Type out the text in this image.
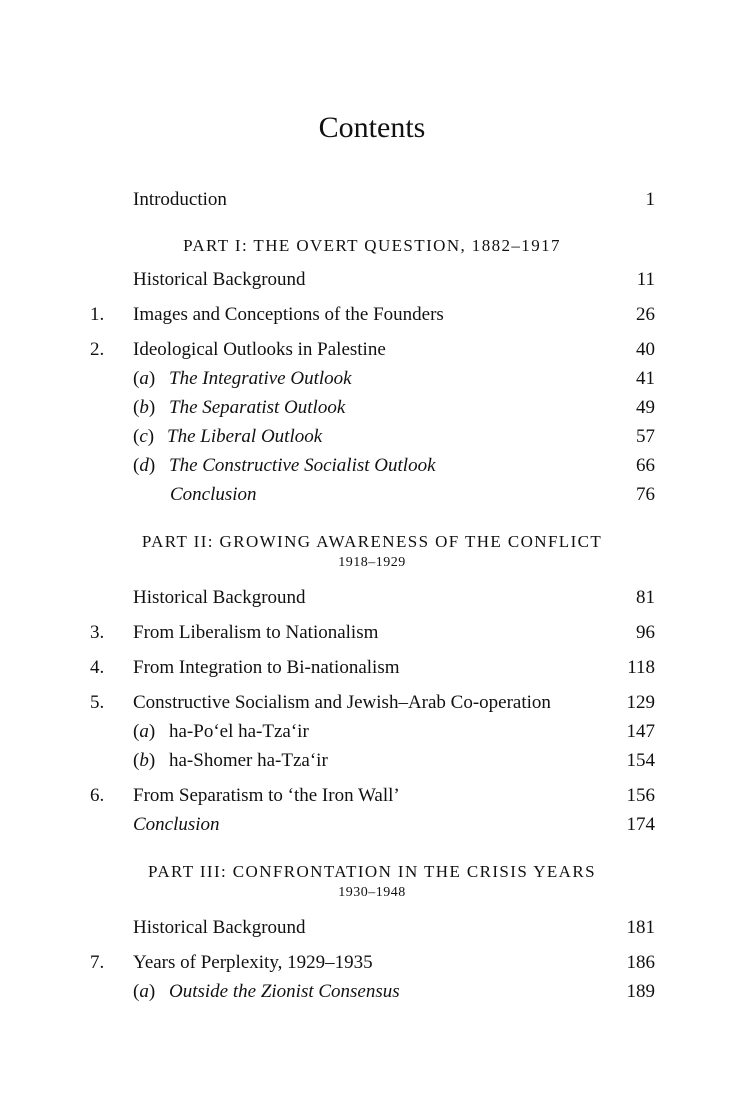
Contents
Introduction	1
PART I: THE OVERT QUESTION, 1882–1917
Historical Background	11
1. Images and Conceptions of the Founders	26
2. Ideological Outlooks in Palestine	40
(a) The Integrative Outlook	41
(b) The Separatist Outlook	49
(c) The Liberal Outlook	57
(d) The Constructive Socialist Outlook	66
Conclusion	76
PART II: GROWING AWARENESS OF THE CONFLICT
1918–1929
Historical Background	81
3. From Liberalism to Nationalism	96
4. From Integration to Bi-nationalism	118
5. Constructive Socialism and Jewish–Arab Co-operation	129
(a) ha-Po‘el ha-Tza‘ir	147
(b) ha-Shomer ha-Tza‘ir	154
6. From Separatism to ‘the Iron Wall’	156
Conclusion	174
PART III: CONFRONTATION IN THE CRISIS YEARS
1930–1948
Historical Background	181
7. Years of Perplexity, 1929–1935	186
(a) Outside the Zionist Consensus	189
